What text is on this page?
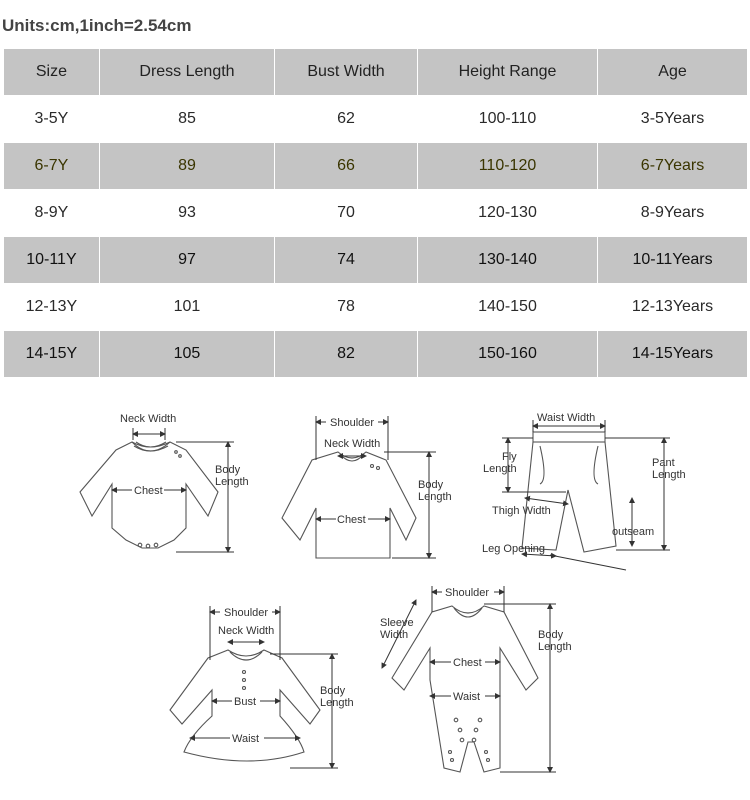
Units:cm,1inch=2.54cm
Size	Dress Length	Bust Width	Height Range	Age
3-5Y	85	62	100-110	3-5Years
6-7Y	89	66	110-120	6-7Years
8-9Y	93	70	120-130	8-9Years
10-11Y	97	74	130-140	10-11Years
12-13Y	101	78	140-150	12-13Years
14-15Y	105	82	150-160	14-15Years
Neck Width
Chest
Body
Length
Shoulder
Neck Width
Chest
Body
Length
Waist Width
Fly
Length	Pant
Length
Thigh Width
outseam
Leg Opening
Shoulder
Neck Width
Bust
Waist
Body
Length
Shoulder
Sleeve
Width
Chest
Waist
Body
Length
